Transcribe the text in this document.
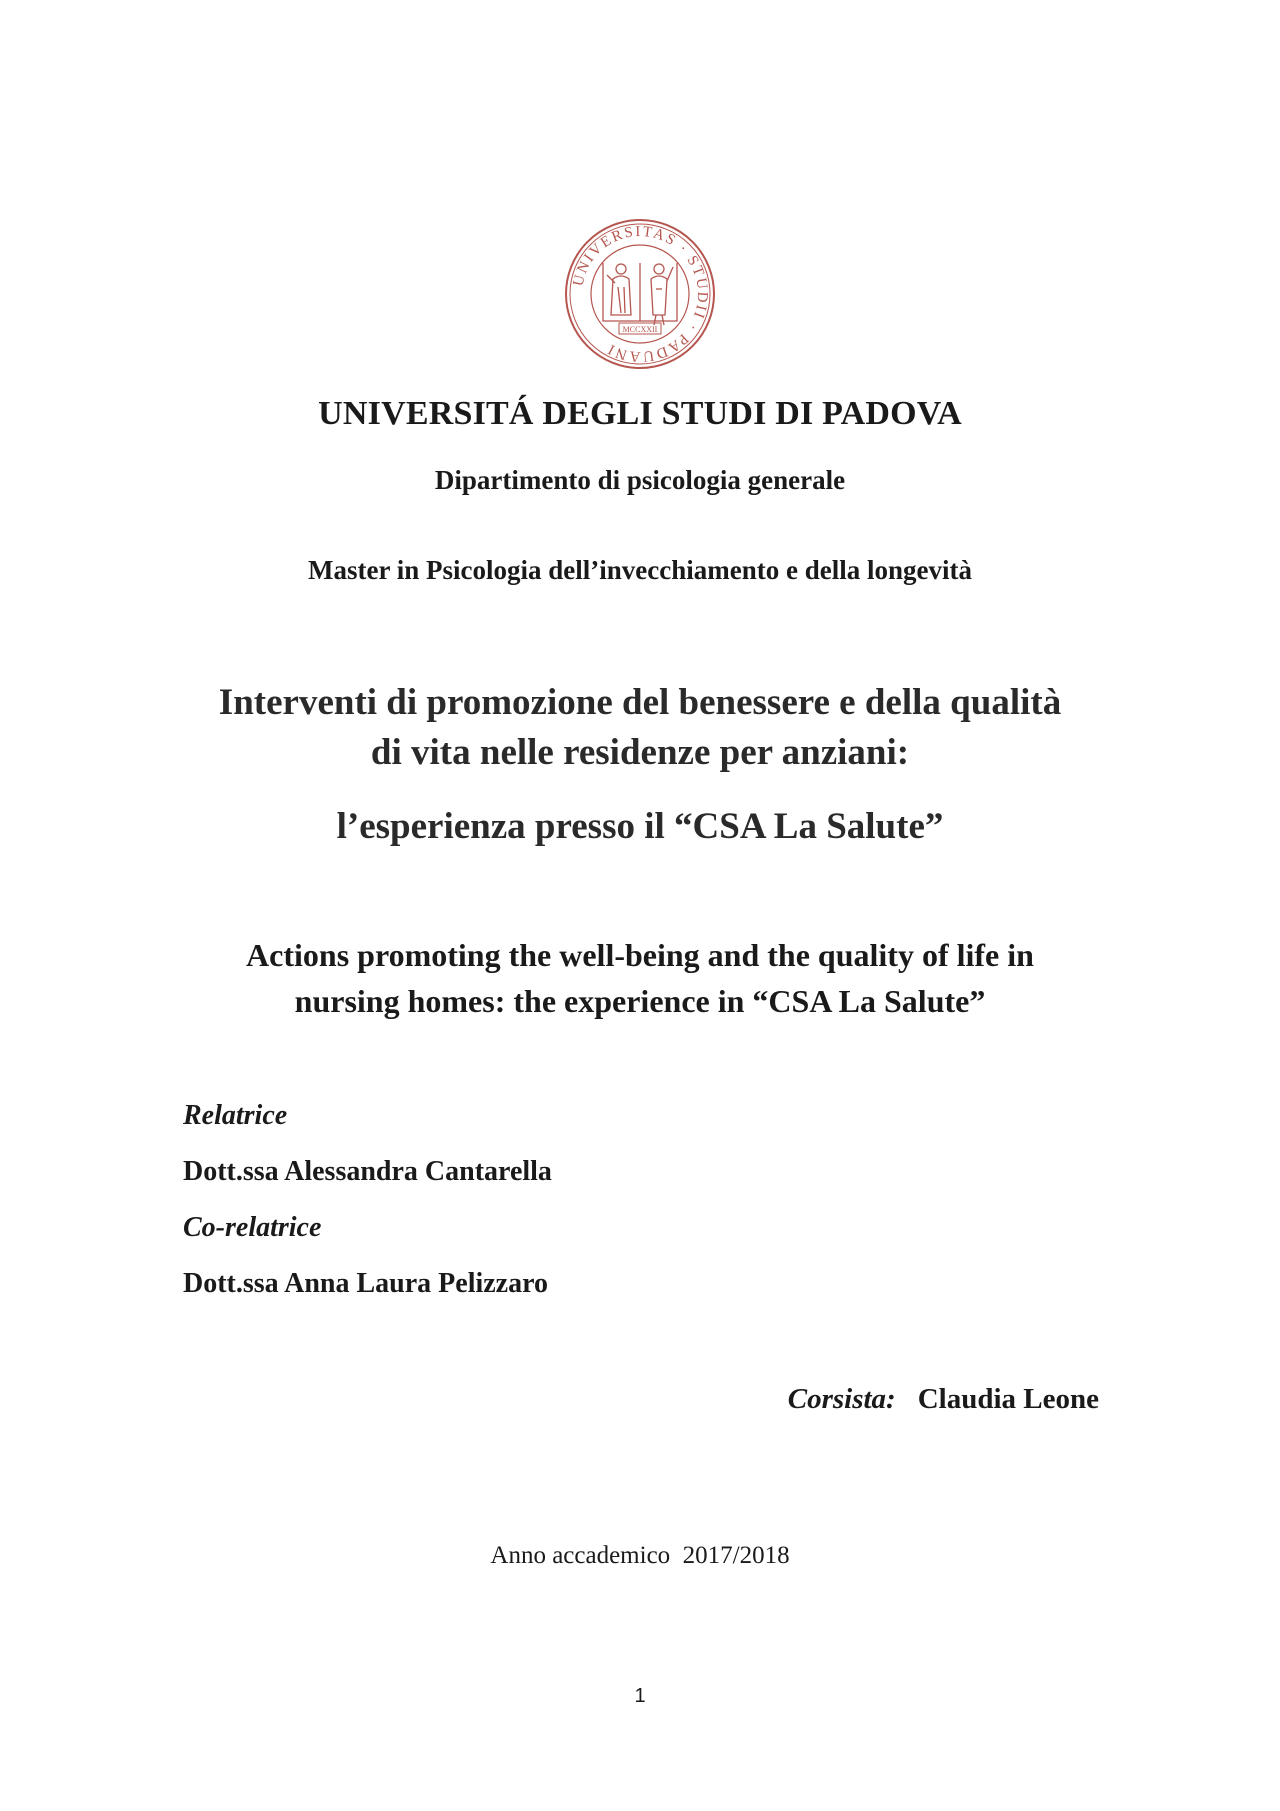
UNIVERSITAS · STUDII · PADUANI
MCCXXII
UNIVERSITÁ DEGLI STUDI DI PADOVA
Dipartimento di psicologia generale
Master in Psicologia dell’invecchiamento e della longevità
Interventi di promozione del benessere e della qualità
di vita nelle residenze per anziani:
l’esperienza presso il “CSA La Salute”
Actions promoting the well-being and the quality of life in
nursing homes: the experience in “CSA La Salute”
Relatrice
Dott.ssa Alessandra Cantarella
Co-relatrice
Dott.ssa Anna Laura Pelizzaro
Corsista: Claudia Leone
Anno accademico  2017/2018
1
